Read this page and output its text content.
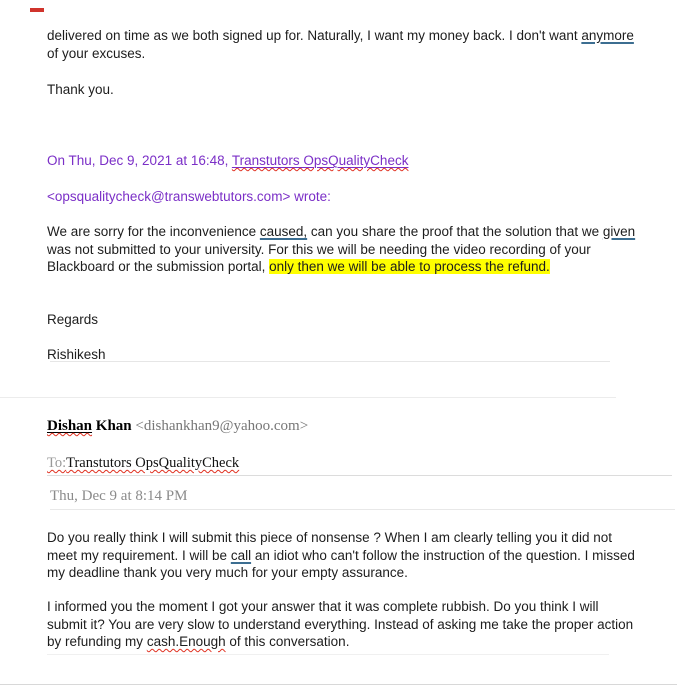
delivered on time as we both signed up for. Naturally, I want my money back. I don't want anymore of your excuses.
Thank you.
On Thu, Dec 9, 2021 at 16:48, Transtutors OpsQualityCheck
<opsqualitycheck@transwebtutors.com> wrote:
We are sorry for the inconvenience caused, can you share the proof that the solution that we given was not submitted to your university. For this we will be needing the video recording of your Blackboard or the submission portal, only then we will be able to process the refund.
Regards
Rishikesh
Dishan Khan <dishankhan9@yahoo.com>
To:Transtutors OpsQualityCheck
Thu, Dec 9 at 8:14 PM
Do you really think I will submit this piece of nonsense ? When I am clearly telling you it did not meet my requirement. I will be call an idiot who can't follow the instruction of the question. I missed my deadline thank you very much for your empty assurance.
I informed you the moment I got your answer that it was complete rubbish. Do you think I will submit it? You are very slow to understand everything. Instead of asking me take the proper action by refunding my cash.Enough of this conversation.
